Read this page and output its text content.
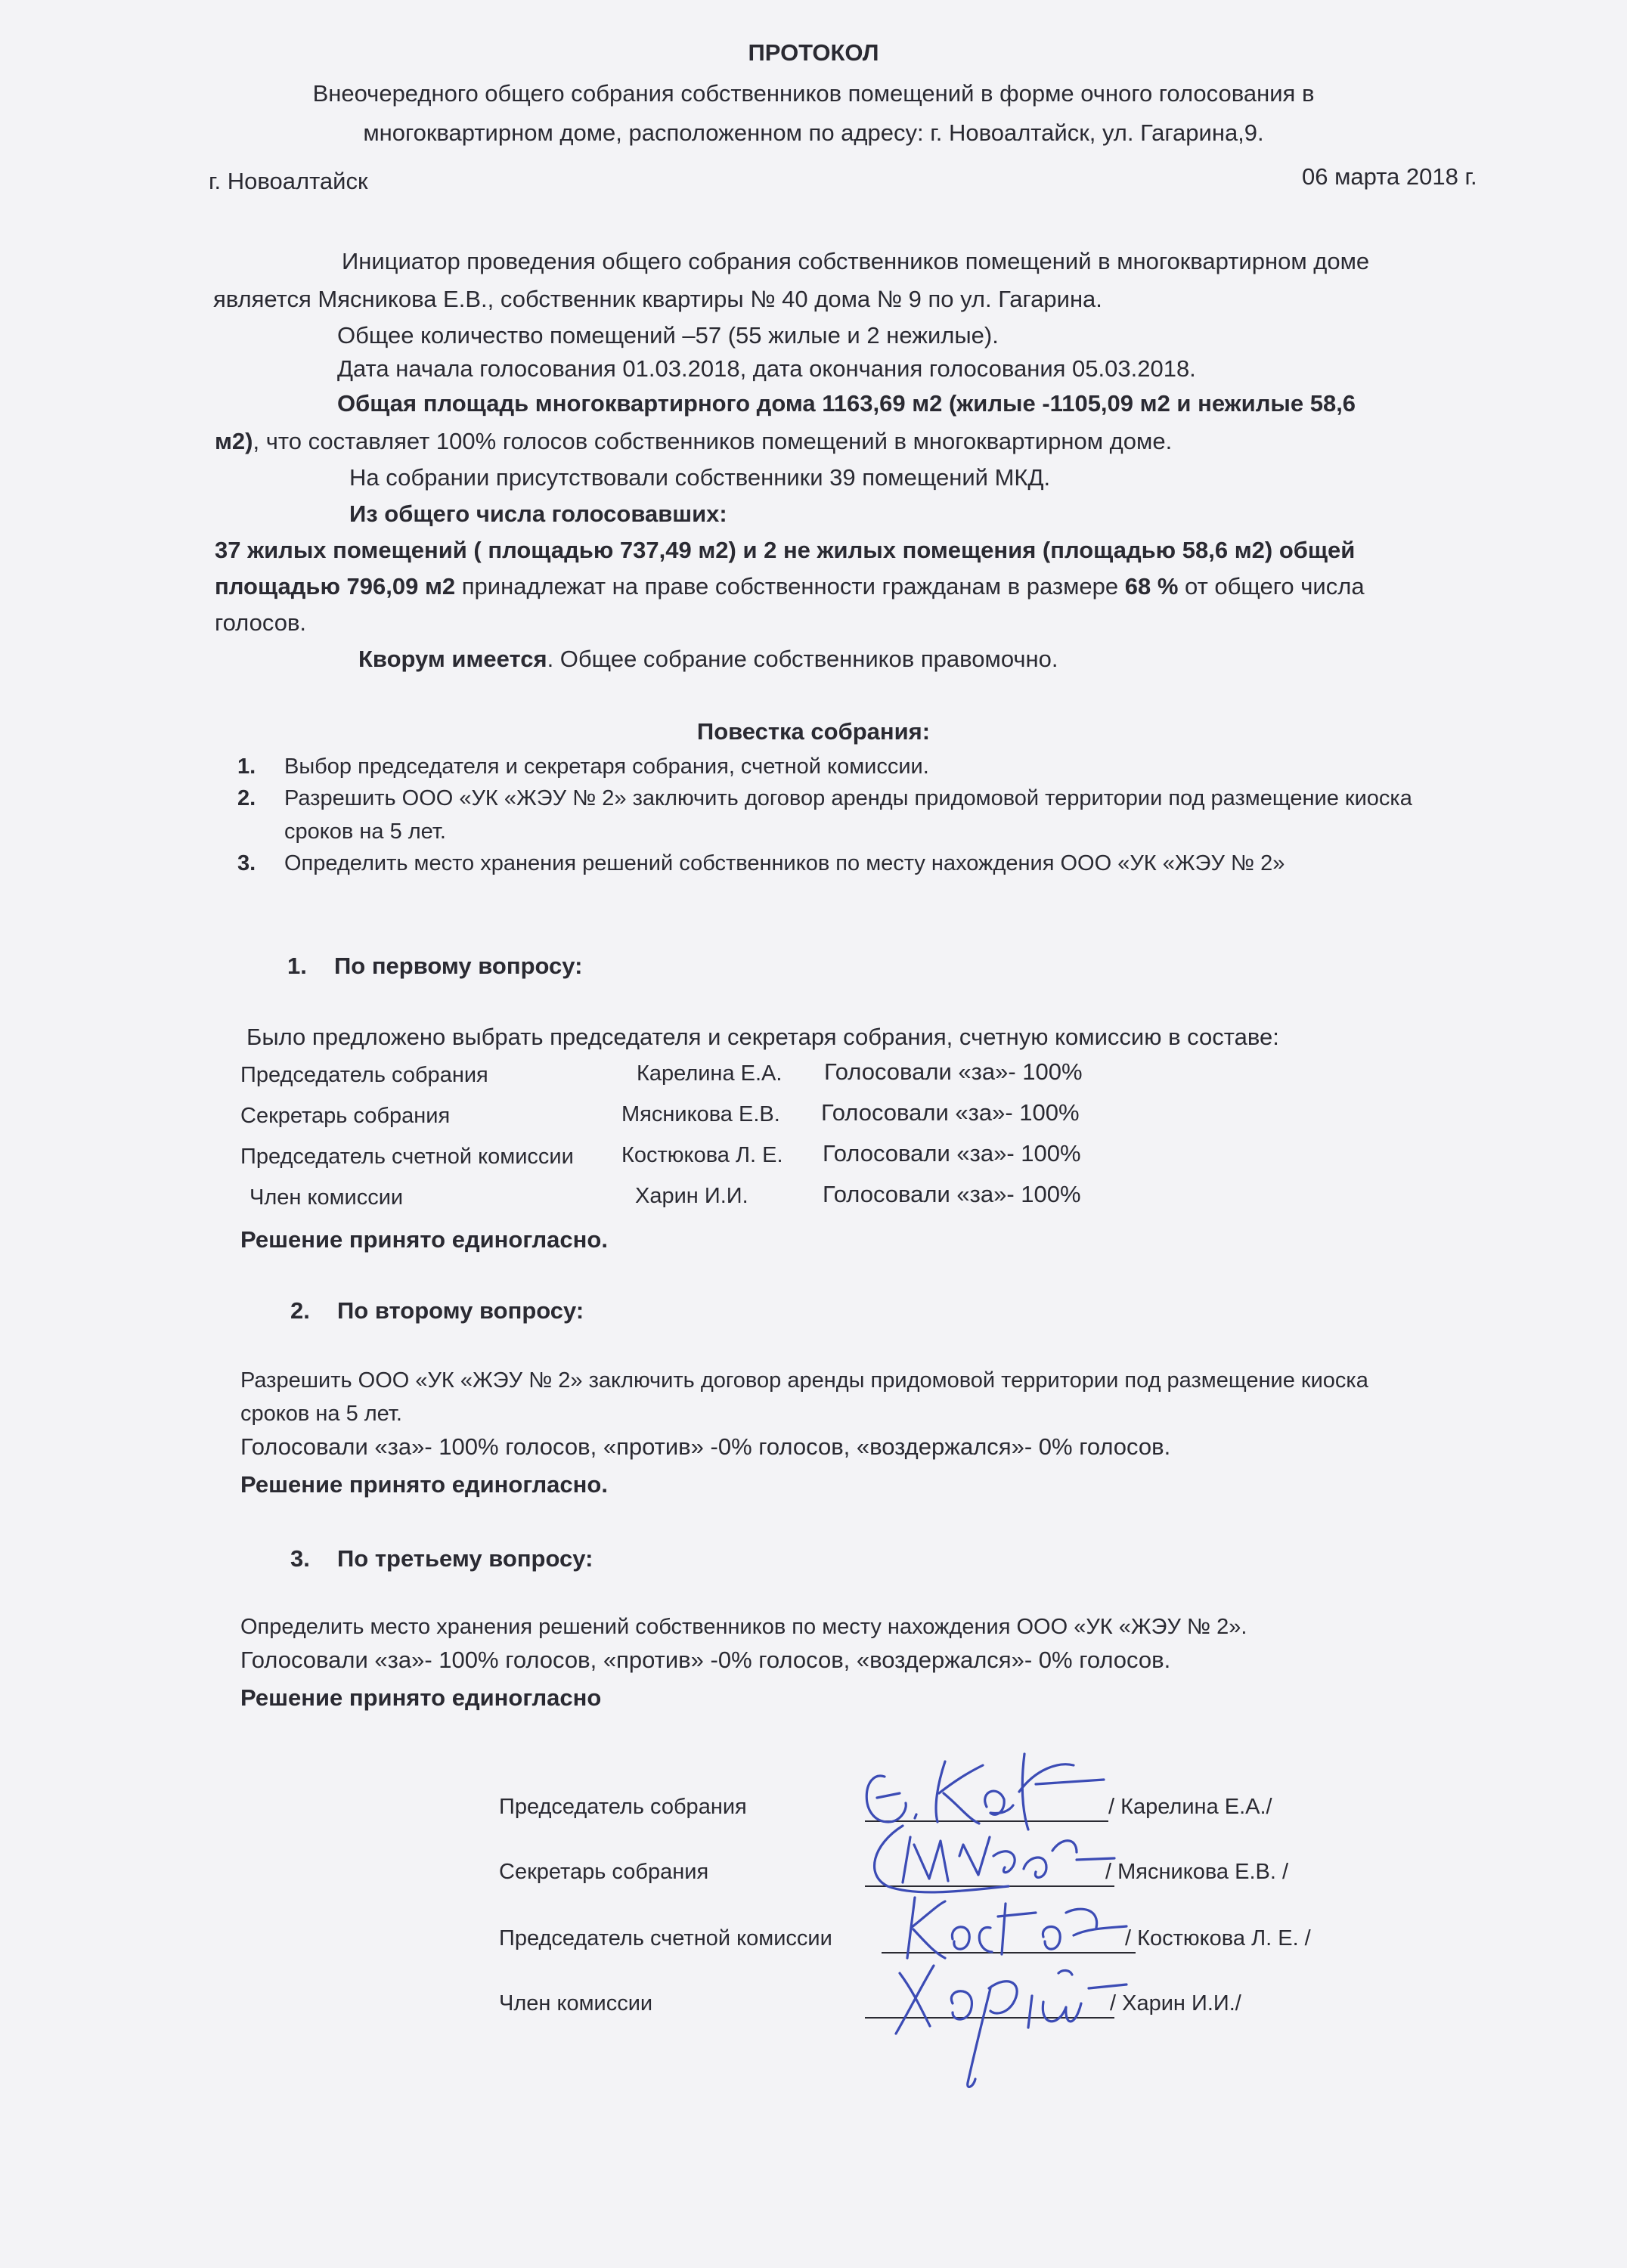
ПРОТОКОЛ
Внеочередного общего собрания собственников помещений в форме очного голосования в
многоквартирном доме, расположенном по адресу: г. Новоалтайск, ул. Гагарина,9.
г. Новоалтайск	06 марта 2018 г.
Инициатор проведения общего собрания собственников помещений в многоквартирном доме
является Мясникова Е.В., собственник квартиры № 40 дома № 9 по ул. Гагарина.
Общее количество помещений –57 (55 жилые и 2 нежилые).
Дата начала голосования 01.03.2018, дата окончания голосования 05.03.2018.
Общая площадь многоквартирного дома 1163,69 м2 (жилые -1105,09 м2 и нежилые 58,6
м2), что составляет 100% голосов собственников помещений в многоквартирном доме.
На собрании присутствовали собственники 39 помещений МКД.
Из общего числа голосовавших:
37 жилых помещений ( площадью 737,49 м2) и 2 не жилых помещения (площадью 58,6 м2) общей
площадью 796,09 м2 принадлежат на праве собственности гражданам в размере 68 % от общего числа
голосов.
Кворум имеется. Общее собрание собственников правомочно.
Повестка собрания:
1. Выбор председателя и секретаря собрания, счетной комиссии.
2. Разрешить ООО «УК «ЖЭУ № 2» заключить договор аренды придомовой территории под размещение киоска
сроков на 5 лет.
3. Определить место хранения решений собственников по месту нахождения ООО «УК «ЖЭУ № 2»
1. По первому вопросу:
Было предложено выбрать председателя и секретаря собрания, счетную комиссию в составе:
Председатель собрания	Карелина Е.А. Голосовали «за»- 100%
Секретарь собрания	Мясникова Е.В. Голосовали «за»- 100%
Председатель счетной комиссии Костюкова Л. Е. Голосовали «за»- 100%
Член комиссии	Харин И.И.	Голосовали «за»- 100%
Решение принято единогласно.
2. По второму вопросу:
Разрешить ООО «УК «ЖЭУ № 2» заключить договор аренды придомовой территории под размещение киоска
сроков на 5 лет.
Голосовали «за»- 100% голосов, «против» -0% голосов, «воздержался»- 0% голосов.
Решение принято единогласно.
3. По третьему вопросу:
Определить место хранения решений собственников по месту нахождения ООО «УК «ЖЭУ № 2».
Голосовали «за»- 100% голосов, «против» -0% голосов, «воздержался»- 0% голосов.
Решение принято единогласно
Председатель собрания	/ Карелина Е.А./
Секретарь собрания	/ Мясникова Е.В. /
Председатель счетной комиссии	/ Костюкова Л. Е. /
Член комиссии	/ Харин И.И./
